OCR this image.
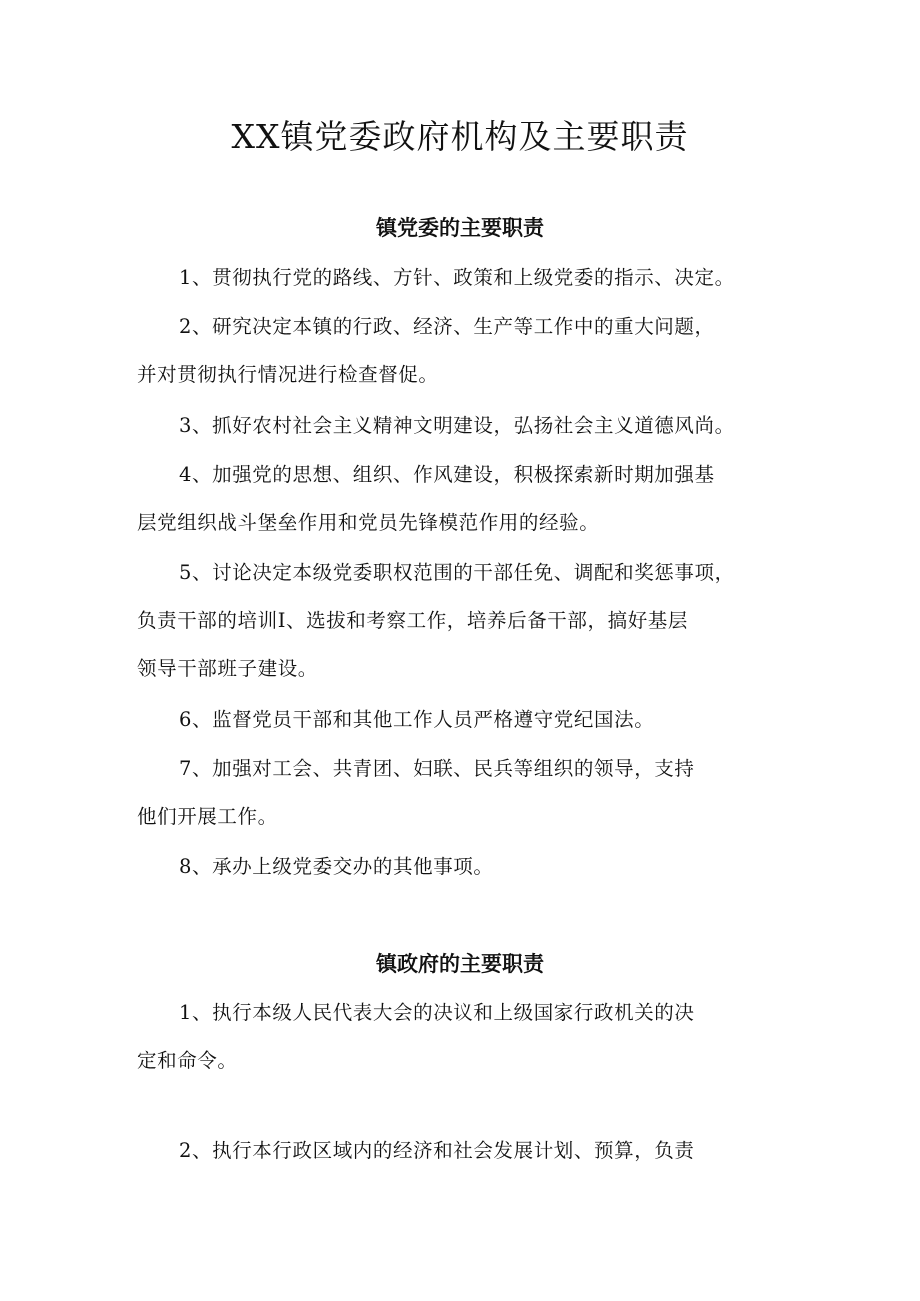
XX镇党委政府机构及主要职责
镇党委的主要职责
1、贯彻执行党的路线、方针、政策和上级党委的指示、决定。
2、研究决定本镇的行政、经济、生产等工作中的重大问题，
并对贯彻执行情况进行检查督促。
3、抓好农村社会主义精神文明建设，弘扬社会主义道德风尚。
4、加强党的思想、组织、作风建设，积极探索新时期加强基
层党组织战斗堡垒作用和党员先锋模范作用的经验。
5、讨论决定本级党委职权范围的干部任免、调配和奖惩事项，
负责干部的培训I、选拔和考察工作，培养后备干部，搞好基层
领导干部班子建设。
6、监督党员干部和其他工作人员严格遵守党纪国法。
7、加强对工会、共青团、妇联、民兵等组织的领导，支持
他们开展工作。
8、承办上级党委交办的其他事项。
镇政府的主要职责
1、执行本级人民代表大会的决议和上级国家行政机关的决
定和命令。
2、执行本行政区域内的经济和社会发展计划、预算，负责
